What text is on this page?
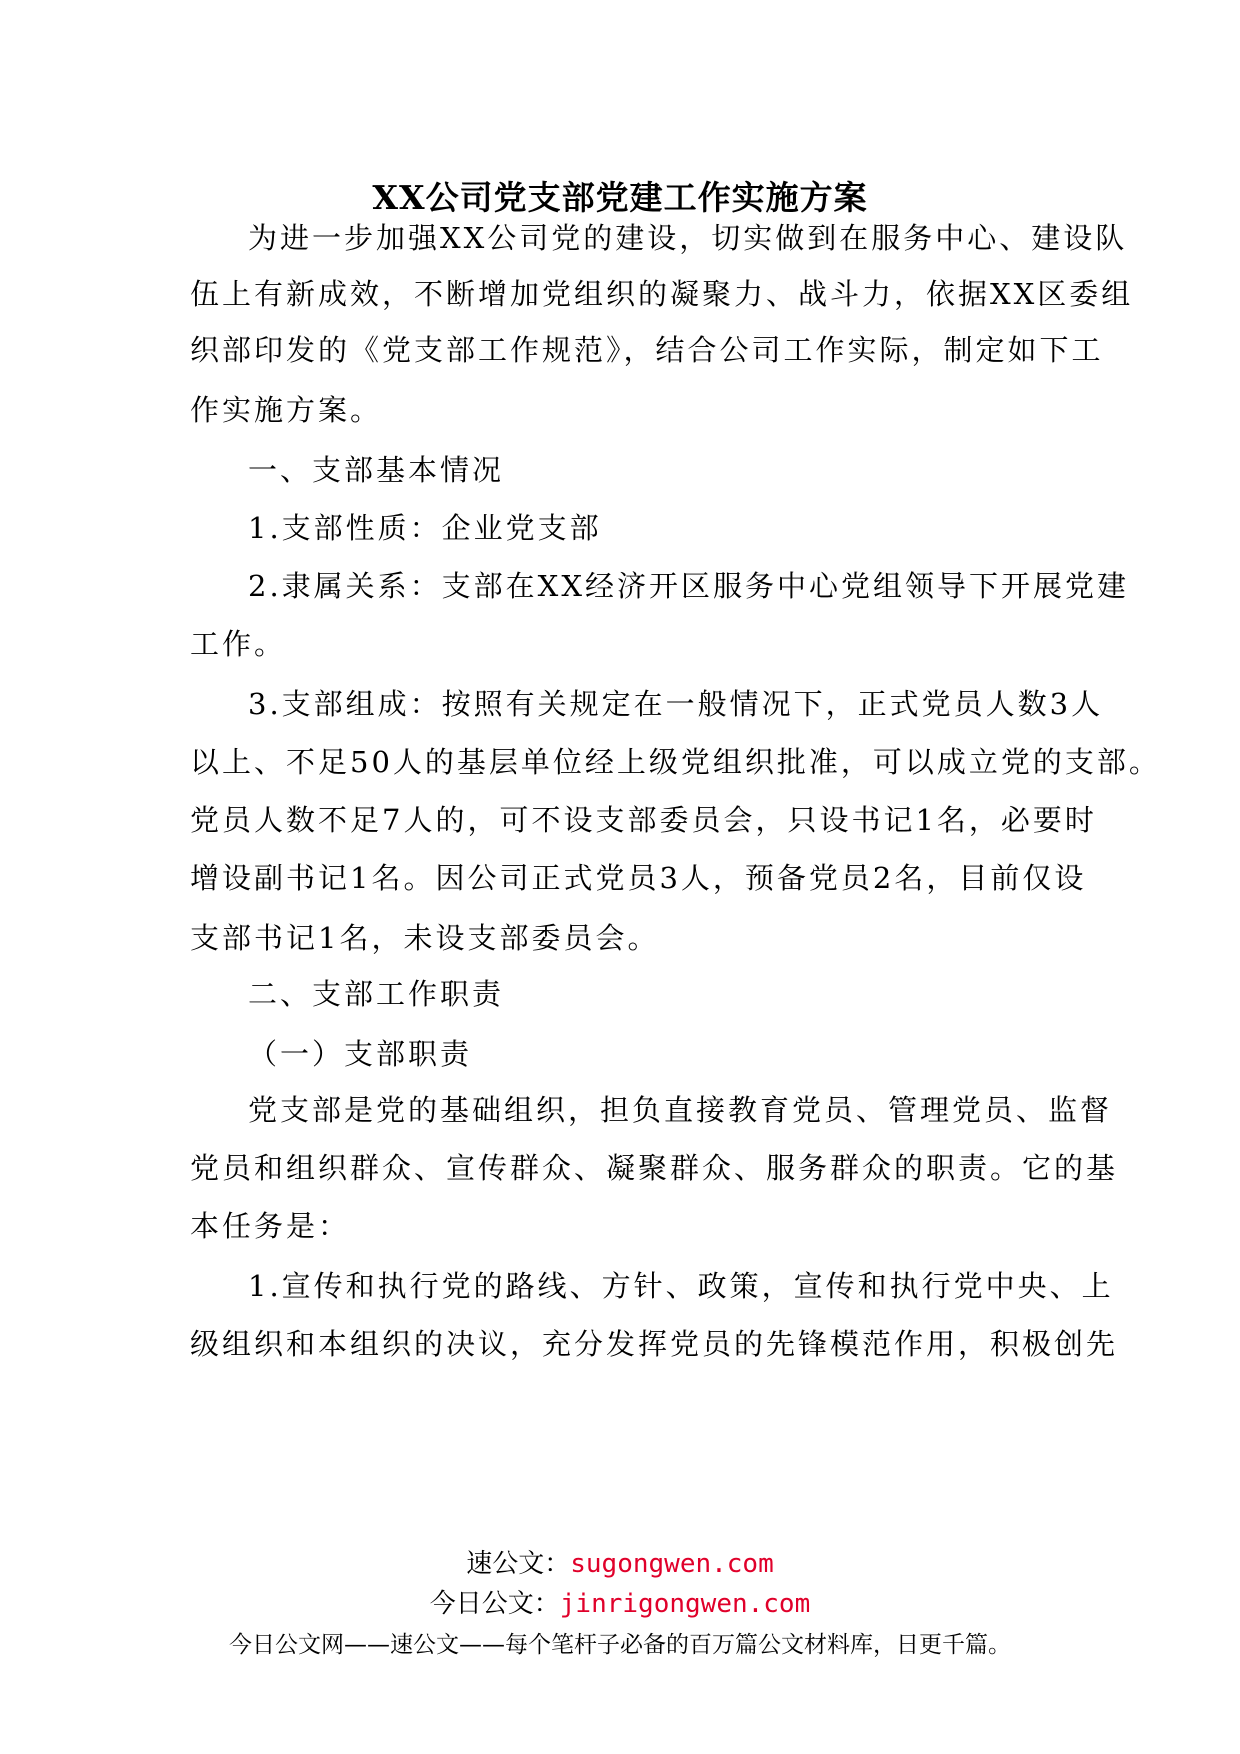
XX公司党支部党建工作实施方案
为进一步加强XX公司党的建设，切实做到在服务中心、建设队
伍上有新成效，不断增加党组织的凝聚力、战斗力，依据XX区委组
织部印发的《党支部工作规范》，结合公司工作实际，制定如下工
作实施方案。
一、支部基本情况
1.支部性质：企业党支部
2.隶属关系：支部在XX经济开区服务中心党组领导下开展党建
工作。
3.支部组成：按照有关规定在一般情况下，正式党员人数3人
以上、不足50人的基层单位经上级党组织批准，可以成立党的支部。
党员人数不足7人的，可不设支部委员会，只设书记1名，必要时
增设副书记1名。因公司正式党员3人，预备党员2名，目前仅设
支部书记1名，未设支部委员会。
二、支部工作职责
（一）支部职责
党支部是党的基础组织，担负直接教育党员、管理党员、监督
党员和组织群众、宣传群众、凝聚群众、服务群众的职责。它的基
本任务是：
1.宣传和执行党的路线、方针、政策，宣传和执行党中央、上
级组织和本组织的决议，充分发挥党员的先锋模范作用，积极创先
速公文：sugongwen.com
今日公文：jinrigongwen.com
今日公文网——速公文——每个笔杆子必备的百万篇公文材料库，日更千篇。
